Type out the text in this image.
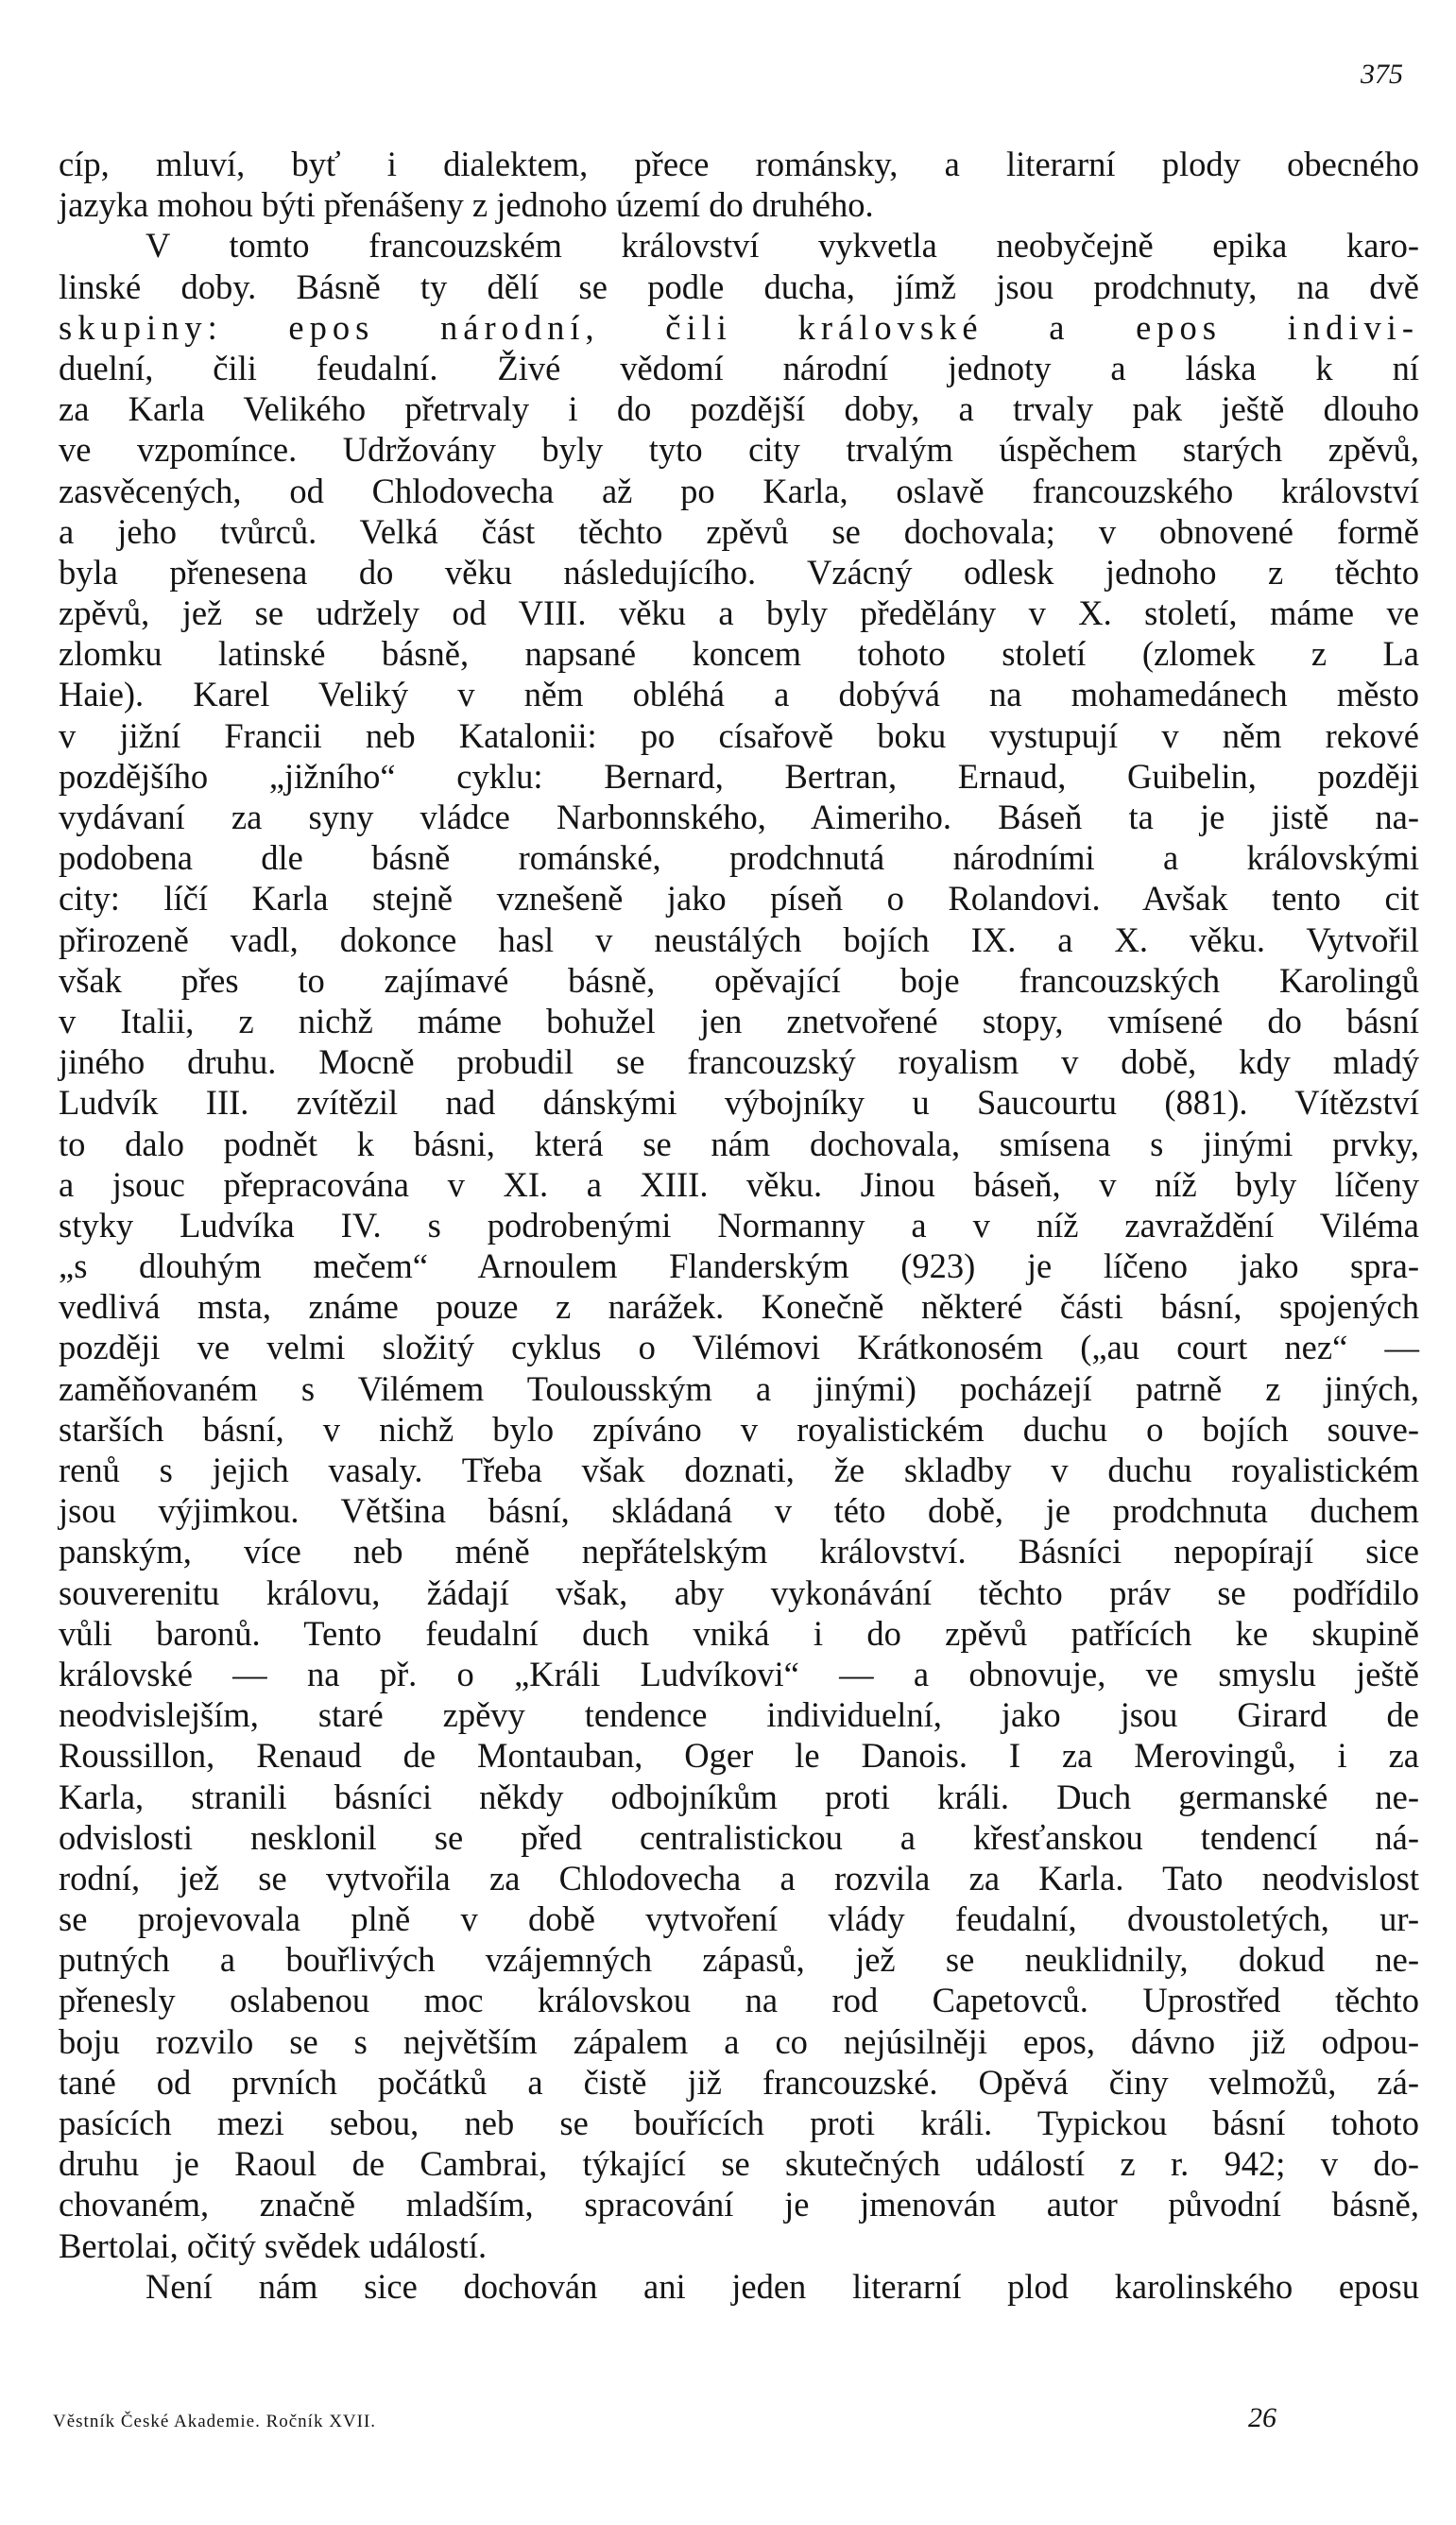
375
cíp, mluví, byť i dialektem, přece románsky, a literarní plody obecného
jazyka mohou býti přenášeny z jednoho území do druhého.
V tomto francouzském království vykvetla neobyčejně epika karo-
linské doby. Básně ty dělí se podle ducha, jímž jsou prodchnuty, na dvě
skupiny: epos národní, čili královské a epos indivi-
duelní, čili feudalní. Živé vědomí národní jednoty a láska k ní
za Karla Velikého přetrvaly i do pozdější doby, a trvaly pak ještě dlouho
ve vzpomínce. Udržovány byly tyto city trvalým úspěchem starých zpěvů,
zasvěcených, od Chlodovecha až po Karla, oslavě francouzského království
a jeho tvůrců. Velká část těchto zpěvů se dochovala; v obnovené formě
byla přenesena do věku následujícího. Vzácný odlesk jednoho z těchto
zpěvů, jež se udržely od VIII. věku a byly předělány v X. století, máme ve
zlomku latinské básně, napsané koncem tohoto století (zlomek z La
Haie). Karel Veliký v něm obléhá a dobývá na mohamedánech město
v jižní Francii neb Katalonii: po císařově boku vystupují v něm rekové
pozdějšího „jižního“ cyklu: Bernard, Bertran, Ernaud, Guibelin, později
vydávaní za syny vládce Narbonnského, Aimeriho. Báseň ta je jistě na-
podobena dle básně románské, prodchnutá národními a královskými
city: líčí Karla stejně vznešeně jako píseň o Rolandovi. Avšak tento cit
přirozeně vadl, dokonce hasl v neustálých bojích IX. a X. věku. Vytvořil
však přes to zajímavé básně, opěvající boje francouzských Karolingů
v Italii, z nichž máme bohužel jen znetvořené stopy, vmísené do básní
jiného druhu. Mocně probudil se francouzský royalism v době, kdy mladý
Ludvík III. zvítězil nad dánskými výbojníky u Saucourtu (881). Vítězství
to dalo podnět k básni, která se nám dochovala, smísena s jinými prvky,
a jsouc přepracována v XI. a XIII. věku. Jinou báseň, v níž byly líčeny
styky Ludvíka IV. s podrobenými Normanny a v níž zavraždění Viléma
„s dlouhým mečem“ Arnoulem Flanderským (923) je líčeno jako spra-
vedlivá msta, známe pouze z narážek. Konečně některé části básní, spojených
později ve velmi složitý cyklus o Vilémovi Krátkonosém („au court nez“ —
zaměňovaném s Vilémem Toulousským a jinými) pocházejí patrně z jiných,
starších básní, v nichž bylo zpíváno v royalistickém duchu o bojích souve-
renů s jejich vasaly. Třeba však doznati, že skladby v duchu royalistickém
jsou výjimkou. Většina básní, skládaná v této době, je prodchnuta duchem
panským, více neb méně nepřátelským království. Básníci nepopírají sice
souverenitu královu, žádají však, aby vykonávání těchto práv se podřídilo
vůli baronů. Tento feudalní duch vniká i do zpěvů patřících ke skupině
královské — na př. o „Králi Ludvíkovi“ — a obnovuje, ve smyslu ještě
neodvislejším, staré zpěvy tendence individuelní, jako jsou Girard de
Roussillon, Renaud de Montauban, Oger le Danois. I za Merovingů, i za
Karla, stranili básníci někdy odbojníkům proti králi. Duch germanské ne-
odvislosti nesklonil se před centralistickou a křesťanskou tendencí ná-
rodní, jež se vytvořila za Chlodovecha a rozvila za Karla. Tato neodvislost
se projevovala plně v době vytvoření vlády feudalní, dvoustoletých, ur-
putných a bouřlivých vzájemných zápasů, jež se neuklidnily, dokud ne-
přenesly oslabenou moc královskou na rod Capetovců. Uprostřed těchto
boju rozvilo se s největším zápalem a co nejúsilněji epos, dávno již odpou-
tané od prvních počátků a čistě již francouzské. Opěvá činy velmožů, zá-
pasících mezi sebou, neb se bouřících proti králi. Typickou básní tohoto
druhu je Raoul de Cambrai, týkající se skutečných událostí z r. 942; v do-
chovaném, značně mladším, spracování je jmenován autor původní básně,
Bertolai, očitý svědek událostí.
Není nám sice dochován ani jeden literarní plod karolinského eposu
Věstník České Akademie. Ročník XVII.	26
